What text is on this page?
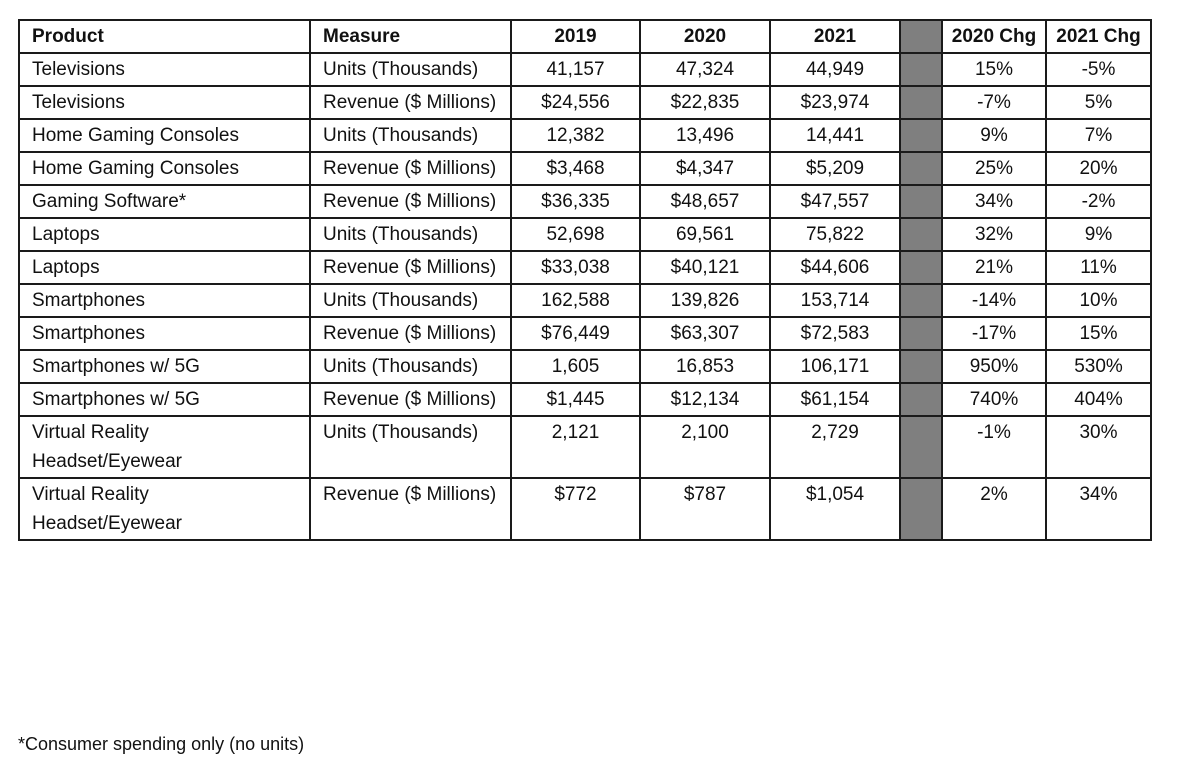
Product	Measure	2019	2020	2021		2020 Chg	2021 Chg
Televisions	Units (Thousands)	41,157	47,324	44,949		15%	-5%
Televisions	Revenue ($ Millions)	$24,556	$22,835	$23,974		-7%	5%
Home Gaming Consoles	Units (Thousands)	12,382	13,496	14,441		9%	7%
Home Gaming Consoles	Revenue ($ Millions)	$3,468	$4,347	$5,209		25%	20%
Gaming Software*	Revenue ($ Millions)	$36,335	$48,657	$47,557		34%	-2%
Laptops	Units (Thousands)	52,698	69,561	75,822		32%	9%
Laptops	Revenue ($ Millions)	$33,038	$40,121	$44,606		21%	11%
Smartphones	Units (Thousands)	162,588	139,826	153,714		-14%	10%
Smartphones	Revenue ($ Millions)	$76,449	$63,307	$72,583		-17%	15%
Smartphones w/ 5G	Units (Thousands)	1,605	16,853	106,171		950%	530%
Smartphones w/ 5G	Revenue ($ Millions)	$1,445	$12,134	$61,154		740%	404%
Virtual Reality Headset/Eyewear	Units (Thousands)	2,121	2,100	2,729		-1%	30%
Virtual Reality Headset/Eyewear	Revenue ($ Millions)	$772	$787	$1,054		2%	34%
*Consumer spending only (no units)
